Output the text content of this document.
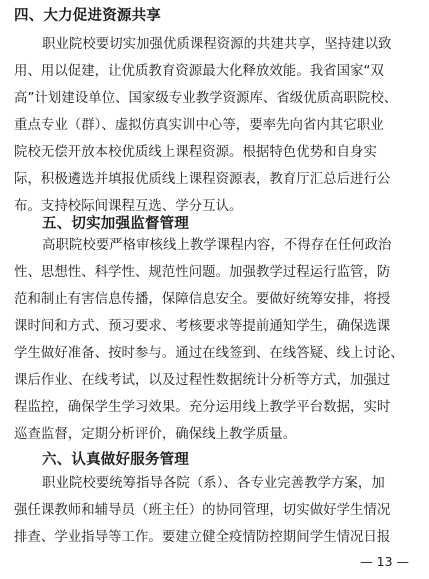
四、大力促进资源共享
职业院校要切实加强优质课程资源的共建共享，坚持建以致
用、用以促建，让优质教育资源最大化释放效能。我省国家“双
高”计划建设单位、国家级专业教学资源库、省级优质高职院校、
重点专业（群）、虚拟仿真实训中心等，要率先向省内其它职业
院校无偿开放本校优质线上课程资源。根据特色优势和自身实
际，积极遴选并填报优质线上课程资源表，教育厅汇总后进行公
布。支持校际间课程互选、学分互认。
五、切实加强监督管理
高职院校要严格审核线上教学课程内容，不得存在任何政治
性、思想性、科学性、规范性问题。加强教学过程运行监管，防
范和制止有害信息传播，保障信息安全。要做好统筹安排，将授
课时间和方式、预习要求、考核要求等提前通知学生，确保选课
学生做好准备、按时参与。通过在线签到、在线答疑、线上讨论、
课后作业、在线考试，以及过程性数据统计分析等方式，加强过
程监控，确保学生学习效果。充分运用线上教学平台数据，实时
巡查监督，定期分析评价，确保线上教学质量。
六、认真做好服务管理
职业院校要统筹指导各院（系）、各专业完善教学方案，加
强任课教师和辅导员（班主任）的协同管理，切实做好学生情况
排查、学业指导等工作。要建立健全疫情防控期间学生情况日报
— 13 —
